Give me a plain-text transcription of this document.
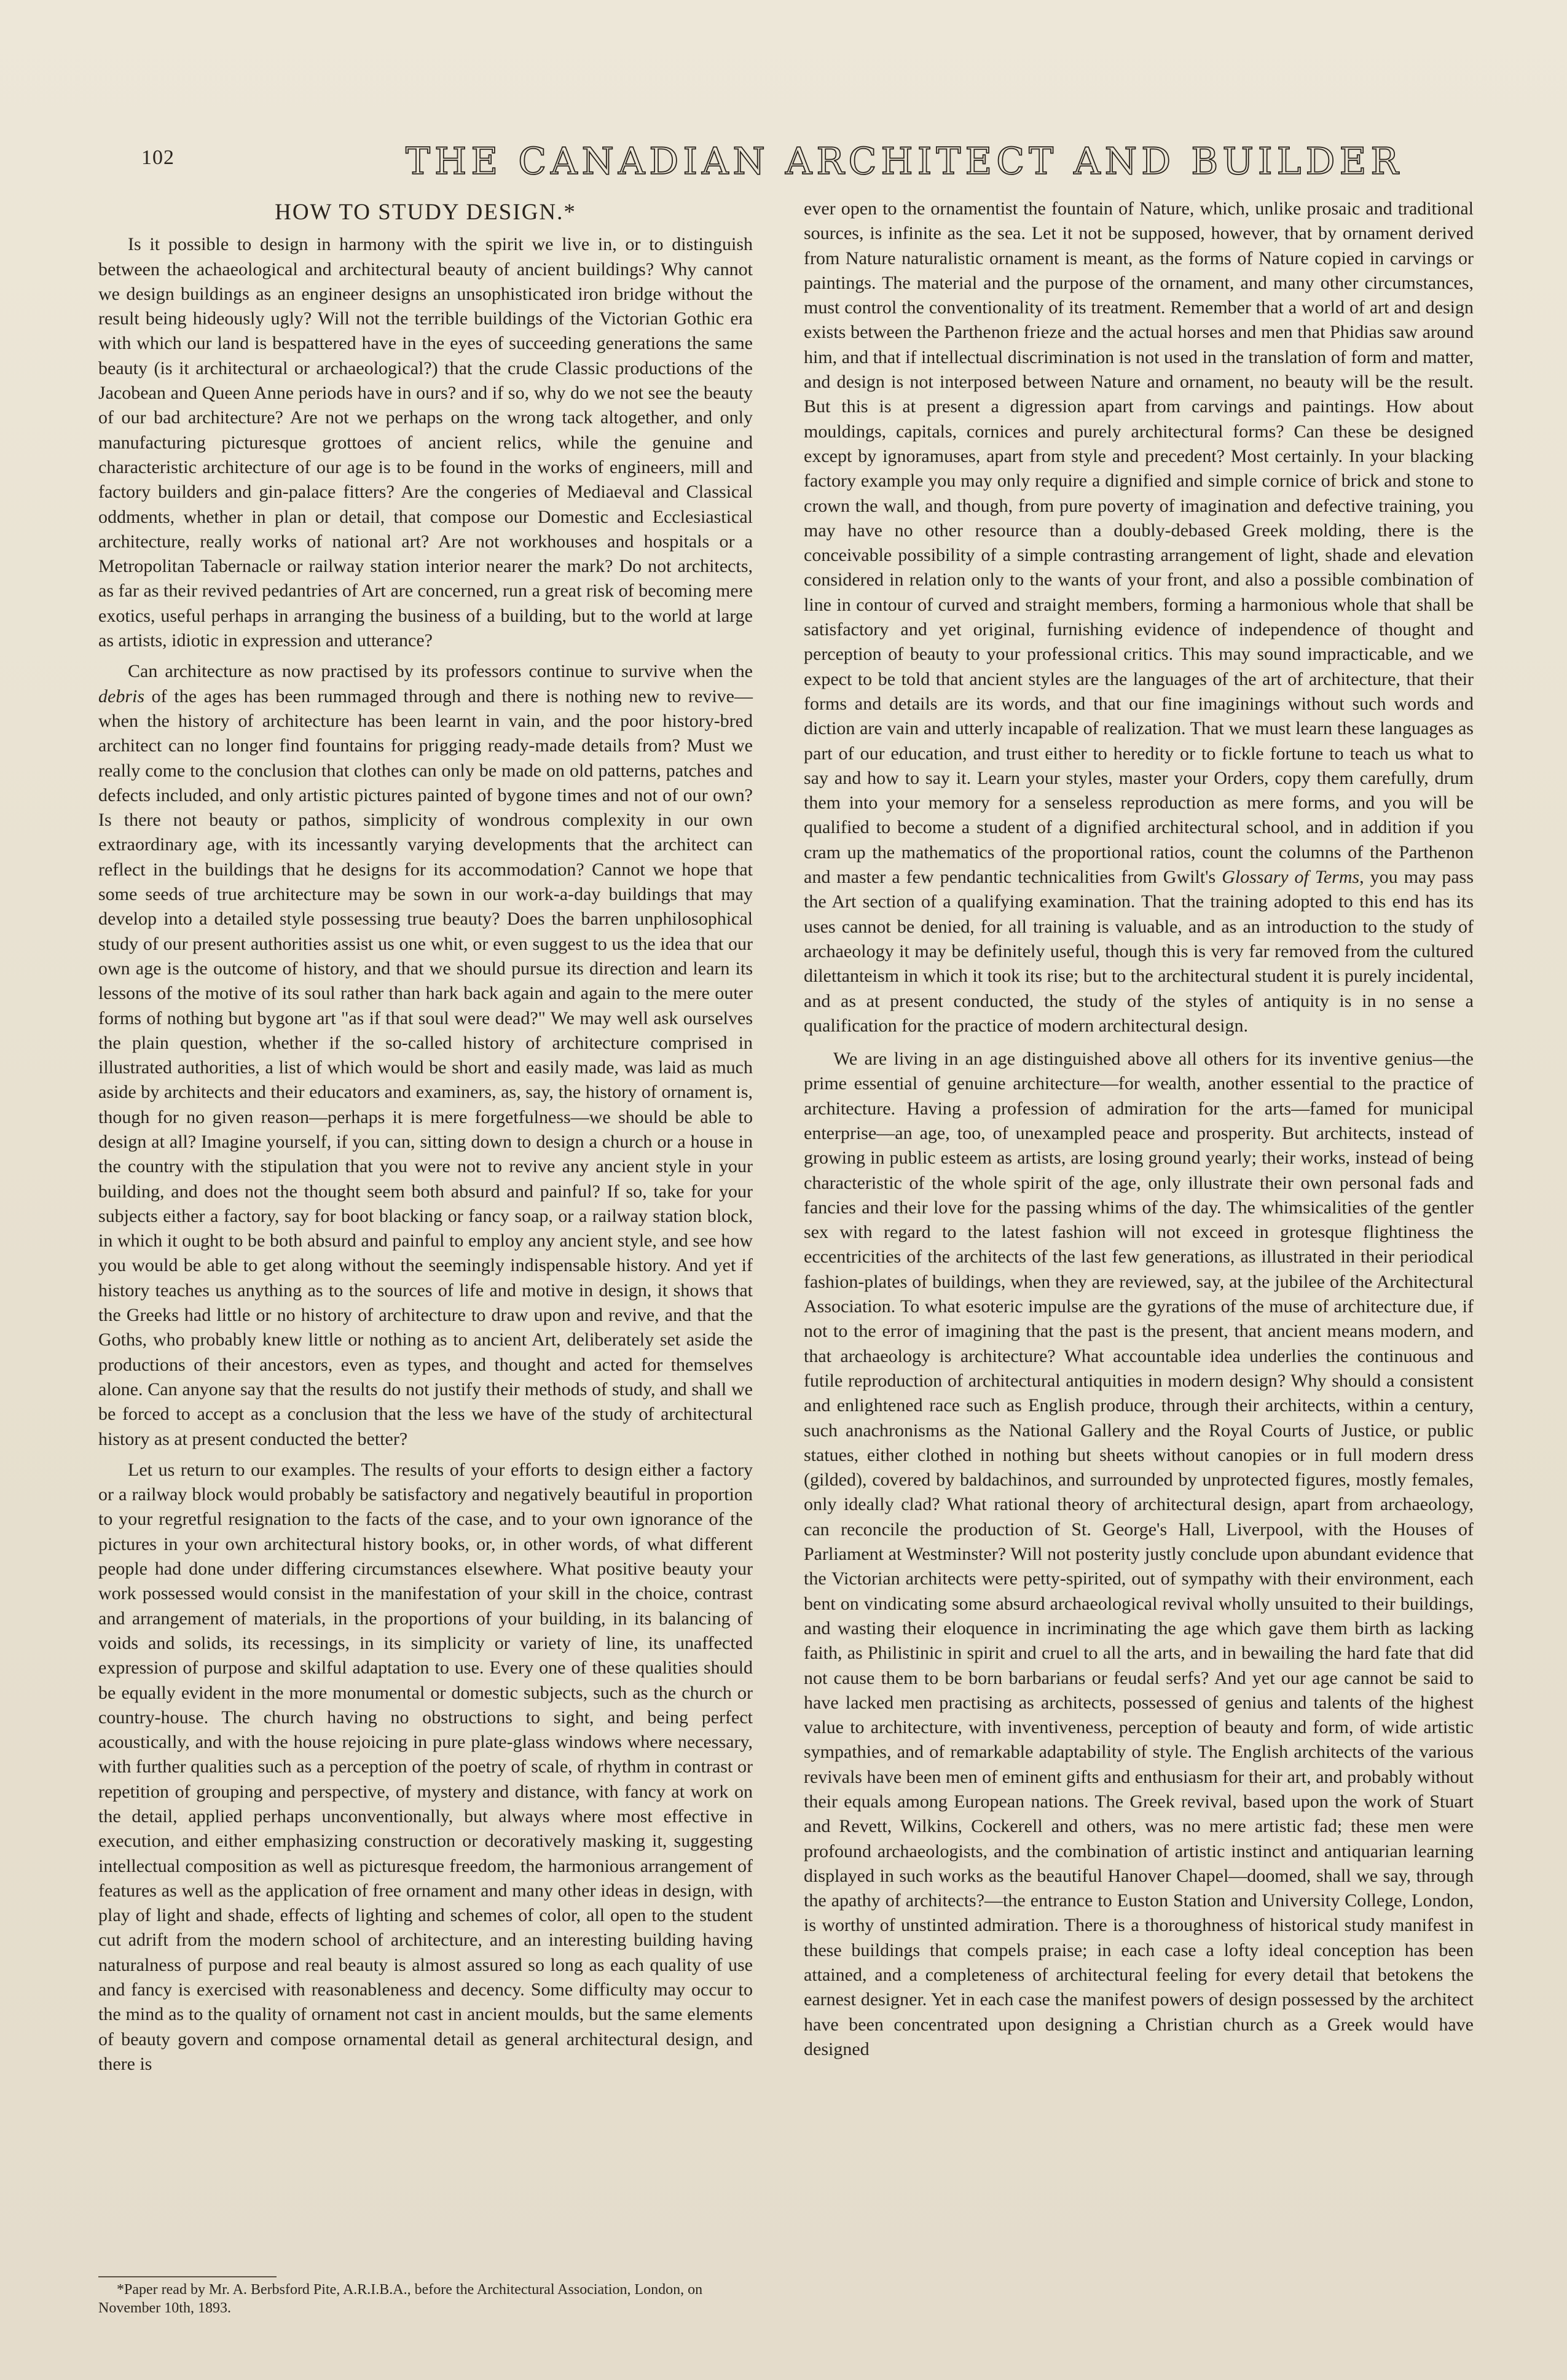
102	THE CANADIAN ARCHITECT AND BUILDER
HOW TO STUDY DESIGN.*

Is it possible to design in harmony with the spirit we live in, or to distinguish between the achaeological and architectural beauty of ancient buildings? Why cannot we design buildings as an engineer designs an unsophisticated iron bridge without the result being hideously ugly? Will not the terrible buildings of the Victorian Gothic era with which our land is bespattered have in the eyes of succeeding generations the same beauty (is it architectural or archaeological?) that the crude Classic productions of the Jacobean and Queen Anne periods have in ours? and if so, why do we not see the beauty of our bad architecture? Are not we perhaps on the wrong tack altogether, and only manufacturing picturesque grottoes of ancient relics, while the genuine and characteristic architecture of our age is to be found in the works of engineers, mill and factory builders and gin-palace fitters? Are the congeries of Mediaeval and Classical oddments, whether in plan or detail, that compose our Domestic and Ecclesiastical architecture, really works of national art? Are not workhouses and hospitals or a Metropolitan Tabernacle or railway station interior nearer the mark? Do not architects, as far as their revived pedantries of Art are concerned, run a great risk of becoming mere exotics, useful perhaps in arranging the business of a building, but to the world at large as artists, idiotic in expression and utterance?

Can architecture as now practised by its professors continue to survive when the debris of the ages has been rummaged through and there is nothing new to revive—when the history of architecture has been learnt in vain, and the poor history-bred architect can no longer find fountains for prigging ready-made details from? Must we really come to the conclusion that clothes can only be made on old patterns, patches and defects included, and only artistic pictures painted of bygone times and not of our own? Is there not beauty or pathos, simplicity of wondrous complexity in our own extraordinary age, with its incessantly varying developments that the architect can reflect in the buildings that he designs for its accommodation? Cannot we hope that some seeds of true architecture may be sown in our work-a-day buildings that may develop into a detailed style possessing true beauty? Does the barren unphilosophical study of our present authorities assist us one whit, or even suggest to us the idea that our own age is the outcome of history, and that we should pursue its direction and learn its lessons of the motive of its soul rather than hark back again and again to the mere outer forms of nothing but bygone art "as if that soul were dead?" We may well ask ourselves the plain question, whether if the so-called history of architecture comprised in illustrated authorities, a list of which would be short and easily made, was laid as much aside by architects and their educators and examiners, as, say, the history of ornament is, though for no given reason—perhaps it is mere forgetfulness—we should be able to design at all? Imagine yourself, if you can, sitting down to design a church or a house in the country with the stipulation that you were not to revive any ancient style in your building, and does not the thought seem both absurd and painful? If so, take for your subjects either a factory, say for boot blacking or fancy soap, or a railway station block, in which it ought to be both absurd and painful to employ any ancient style, and see how you would be able to get along without the seemingly indispensable history. And yet if history teaches us anything as to the sources of life and motive in design, it shows that the Greeks had little or no history of architecture to draw upon and revive, and that the Goths, who probably knew little or nothing as to ancient Art, deliberately set aside the productions of their ancestors, even as types, and thought and acted for themselves alone. Can anyone say that the results do not justify their methods of study, and shall we be forced to accept as a conclusion that the less we have of the study of architectural history as at present conducted the better?

Let us return to our examples. The results of your efforts to design either a factory or a railway block would probably be satisfactory and negatively beautiful in proportion to your regretful resignation to the facts of the case, and to your own ignorance of the pictures in your own architectural history books, or, in other words, of what different people had done under differing circumstances elsewhere. What positive beauty your work possessed would consist in the manifestation of your skill in the choice, contrast and arrangement of materials, in the proportions of your building, in its balancing of voids and solids, its recessings, in its simplicity or variety of line, its unaffected expression of purpose and skilful adaptation to use. Every one of these qualities should be equally evident in the more monumental or domestic subjects, such as the church or country-house. The church having no obstructions to sight, and being perfect acoustically, and with the house rejoicing in pure plate-glass windows where necessary, with further qualities such as a perception of the poetry of scale, of rhythm in contrast or repetition of grouping and perspective, of mystery and distance, with fancy at work on the detail, applied perhaps unconventionally, but always where most effective in execution, and either emphasizing construction or decoratively masking it, suggesting intellectual composition as well as picturesque freedom, the harmonious arrangement of features as well as the application of free ornament and many other ideas in design, with play of light and shade, effects of lighting and schemes of color, all open to the student cut adrift from the modern school of architecture, and an interesting building having naturalness of purpose and real beauty is almost assured so long as each quality of use and fancy is exercised with reasonableness and decency. Some difficulty may occur to the mind as to the quality of ornament not cast in ancient moulds, but the same elements of beauty govern and compose ornamental detail as general architectural design, and there is

ever open to the ornamentist the fountain of Nature, which, unlike prosaic and traditional sources, is infinite as the sea. Let it not be supposed, however, that by ornament derived from Nature naturalistic ornament is meant, as the forms of Nature copied in carvings or paintings. The material and the purpose of the ornament, and many other circumstances, must control the conventionality of its treatment. Remember that a world of art and design exists between the Parthenon frieze and the actual horses and men that Phidias saw around him, and that if intellectual discrimination is not used in the translation of form and matter, and design is not interposed between Nature and ornament, no beauty will be the result. But this is at present a digression apart from carvings and paintings. How about mouldings, capitals, cornices and purely architectural forms? Can these be designed except by ignoramuses, apart from style and precedent? Most certainly. In your blacking factory example you may only require a dignified and simple cornice of brick and stone to crown the wall, and though, from pure poverty of imagination and defective training, you may have no other resource than a doubly-debased Greek molding, there is the conceivable possibility of a simple contrasting arrangement of light, shade and elevation considered in relation only to the wants of your front, and also a possible combination of line in contour of curved and straight members, forming a harmonious whole that shall be satisfactory and yet original, furnishing evidence of independence of thought and perception of beauty to your professional critics. This may sound impracticable, and we expect to be told that ancient styles are the languages of the art of architecture, that their forms and details are its words, and that our fine imaginings without such words and diction are vain and utterly incapable of realization. That we must learn these languages as part of our education, and trust either to heredity or to fickle fortune to teach us what to say and how to say it. Learn your styles, master your Orders, copy them carefully, drum them into your memory for a senseless reproduction as mere forms, and you will be qualified to become a student of a dignified architectural school, and in addition if you cram up the mathematics of the proportional ratios, count the columns of the Parthenon and master a few pendantic technicalities from Gwilt's Glossary of Terms, you may pass the Art section of a qualifying examination. That the training adopted to this end has its uses cannot be denied, for all training is valuable, and as an introduction to the study of archaeology it may be definitely useful, though this is very far removed from the cultured dilettanteism in which it took its rise; but to the architectural student it is purely incidental, and as at present conducted, the study of the styles of antiquity is in no sense a qualification for the practice of modern architectural design.

We are living in an age distinguished above all others for its inventive genius—the prime essential of genuine architecture—for wealth, another essential to the practice of architecture. Having a profession of admiration for the arts—famed for municipal enterprise—an age, too, of unexampled peace and prosperity. But architects, instead of growing in public esteem as artists, are losing ground yearly; their works, instead of being characteristic of the whole spirit of the age, only illustrate their own personal fads and fancies and their love for the passing whims of the day. The whimsicalities of the gentler sex with regard to the latest fashion will not exceed in grotesque flightiness the eccentricities of the architects of the last few generations, as illustrated in their periodical fashion-plates of buildings, when they are reviewed, say, at the jubilee of the Architectural Association. To what esoteric impulse are the gyrations of the muse of architecture due, if not to the error of imagining that the past is the present, that ancient means modern, and that archaeology is architecture? What accountable idea underlies the continuous and futile reproduction of architectural antiquities in modern design? Why should a consistent and enlightened race such as English produce, through their architects, within a century, such anachronisms as the National Gallery and the Royal Courts of Justice, or public statues, either clothed in nothing but sheets without canopies or in full modern dress (gilded), covered by baldachinos, and surrounded by unprotected figures, mostly females, only ideally clad? What rational theory of architectural design, apart from archaeology, can reconcile the production of St. George's Hall, Liverpool, with the Houses of Parliament at Westminster? Will not posterity justly conclude upon abundant evidence that the Victorian architects were petty-spirited, out of sympathy with their environment, each bent on vindicating some absurd archaeological revival wholly unsuited to their buildings, and wasting their eloquence in incriminating the age which gave them birth as lacking faith, as Philistinic in spirit and cruel to all the arts, and in bewailing the hard fate that did not cause them to be born barbarians or feudal serfs? And yet our age cannot be said to have lacked men practising as architects, possessed of genius and talents of the highest value to architecture, with inventiveness, perception of beauty and form, of wide artistic sympathies, and of remarkable adaptability of style. The English architects of the various revivals have been men of eminent gifts and enthusiasm for their art, and probably without their equals among European nations. The Greek revival, based upon the work of Stuart and Revett, Wilkins, Cockerell and others, was no mere artistic fad; these men were profound archaeologists, and the combination of artistic instinct and antiquarian learning displayed in such works as the beautiful Hanover Chapel—doomed, shall we say, through the apathy of architects?—the entrance to Euston Station and University College, London, is worthy of unstinted admiration. There is a thoroughness of historical study manifest in these buildings that compels praise; in each case a lofty ideal conception has been attained, and a completeness of architectural feeling for every detail that betokens the earnest designer. Yet in each case the manifest powers of design possessed by the architect have been concentrated upon designing a Christian church as a Greek would have designed

*Paper read by Mr. A. Berbsford Pite, A.R.I.B.A., before the Architectural Association, London, on November 10th, 1893.
